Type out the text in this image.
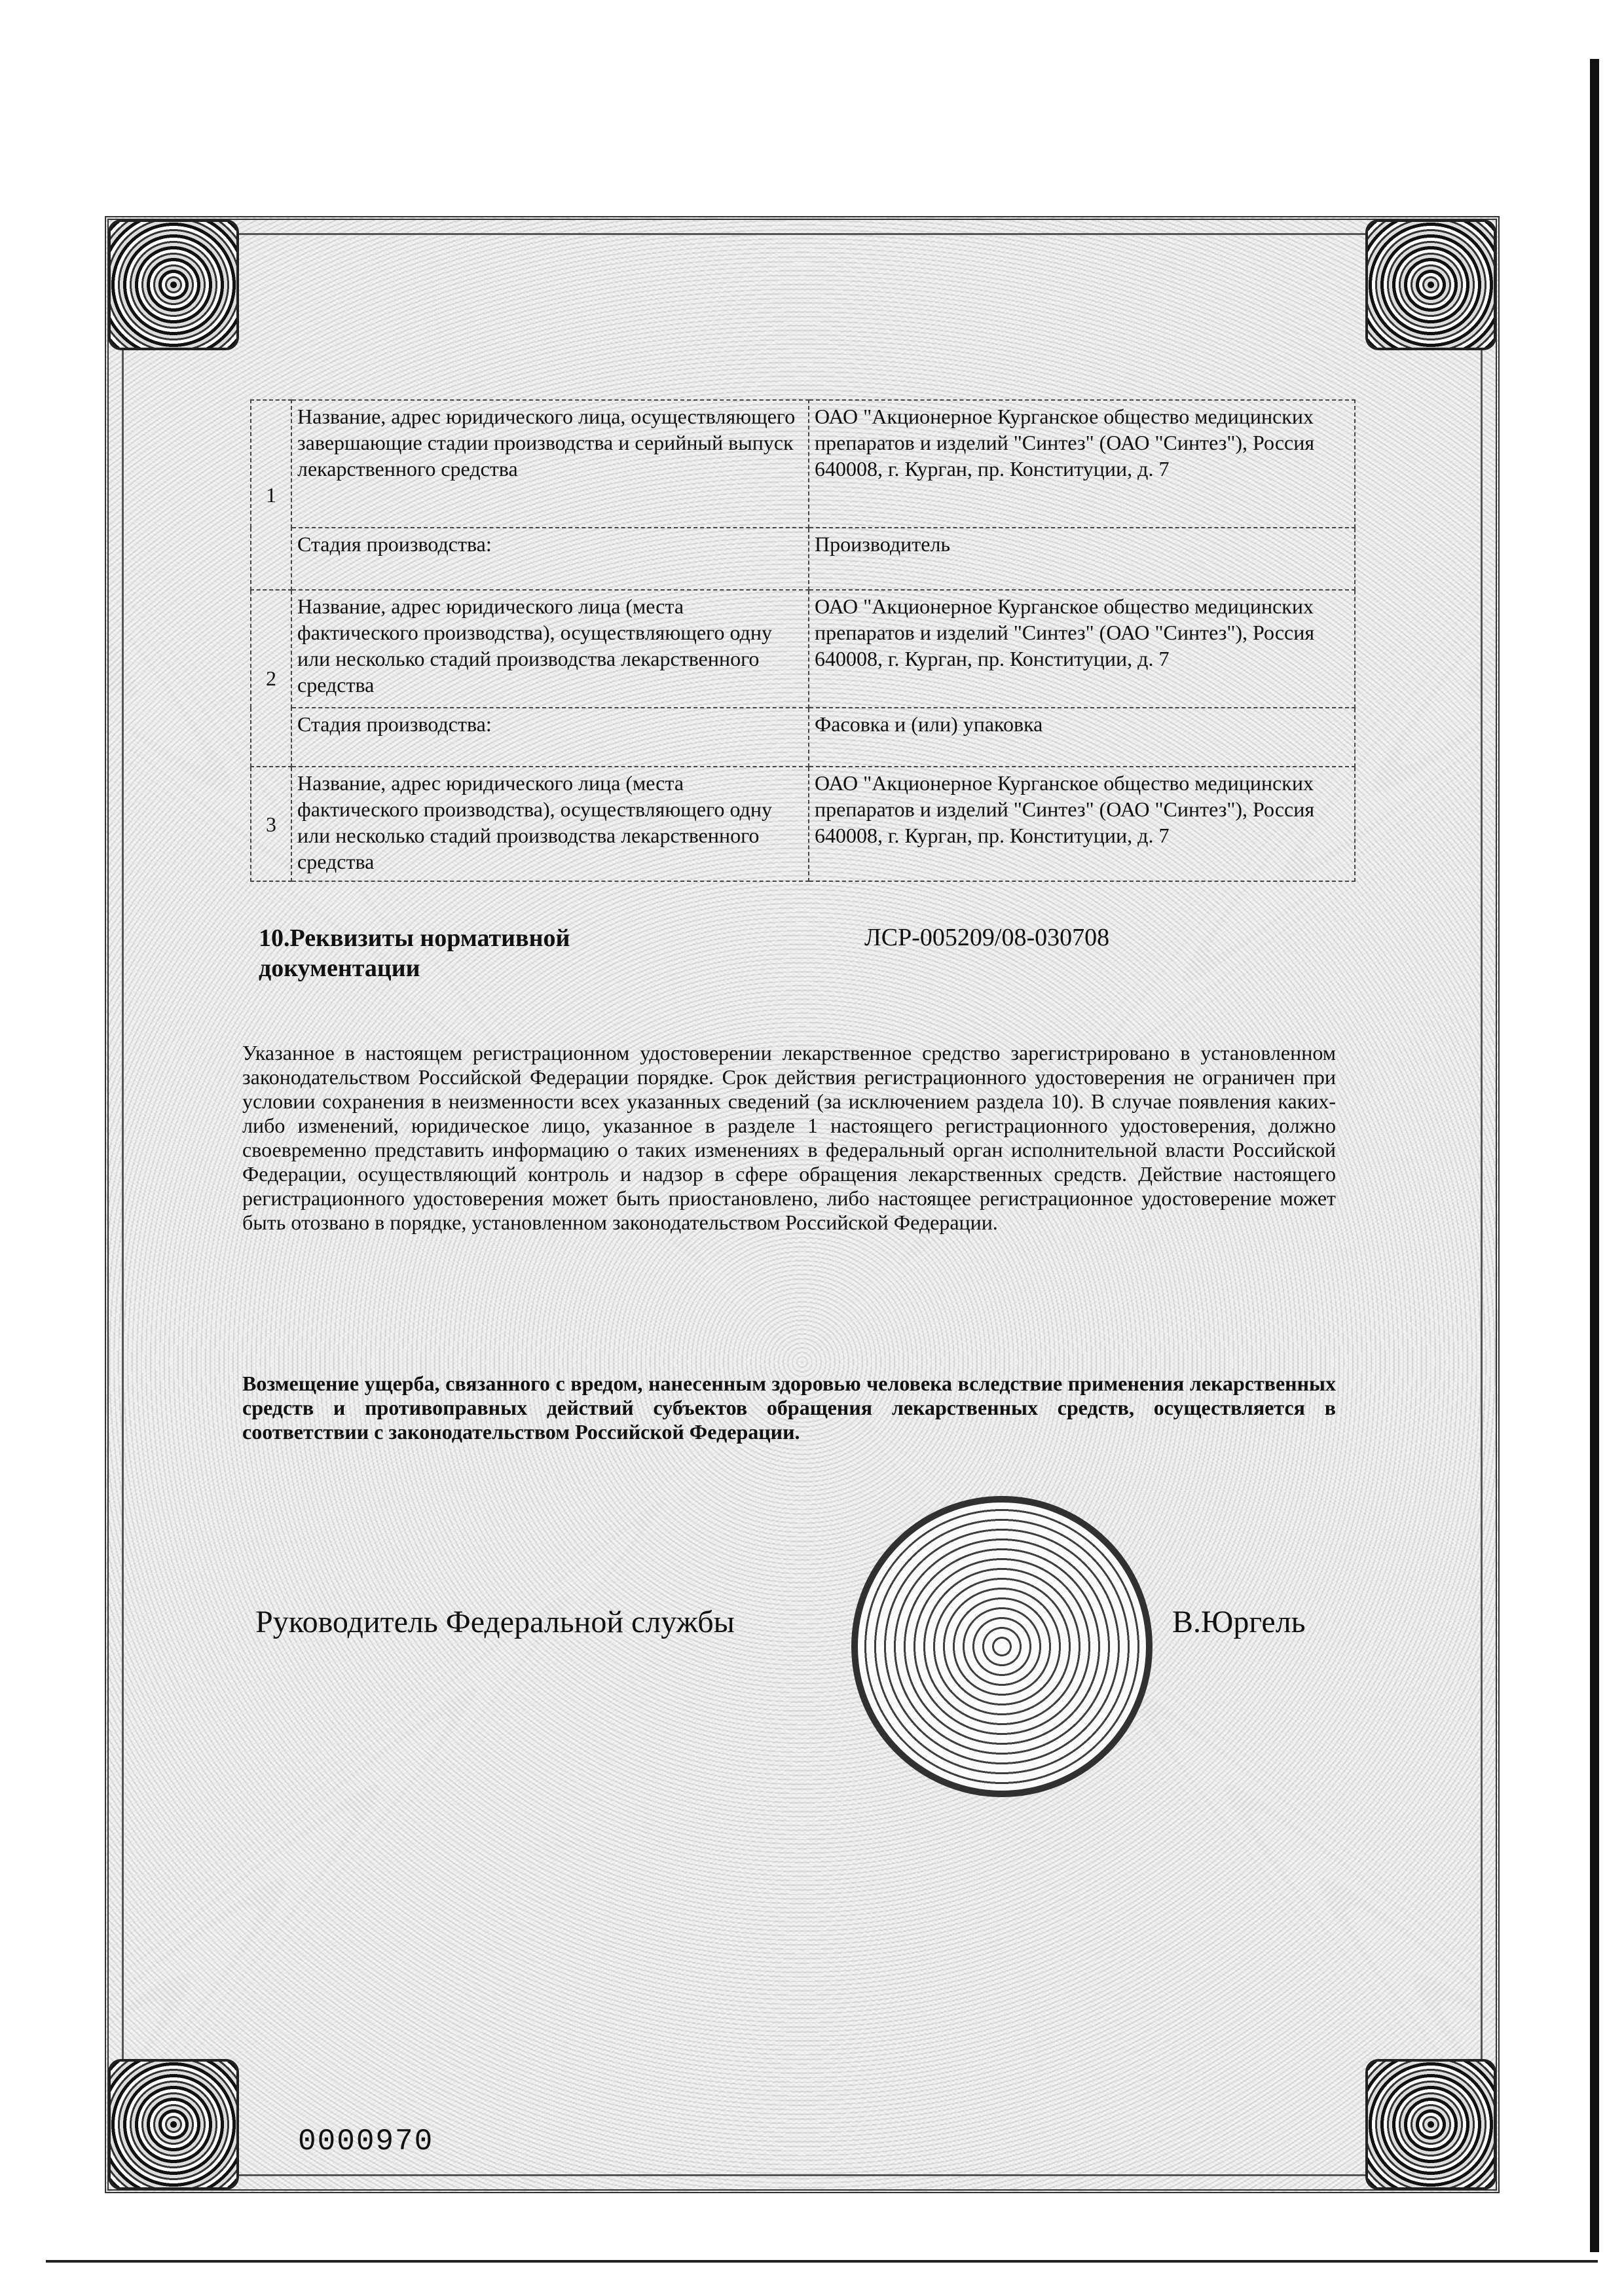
1	Название, адрес юридического лица, осуществляющего завершающие стадии производства и серийный выпуск лекарственного средства	ОАО "Акционерное Курганское общество медицинских препаратов и изделий "Синтез" (ОАО "Синтез"), Россия 640008, г. Курган, пр. Конституции, д. 7
	Стадия производства:	Производитель
2	Название, адрес юридического лица (места фактического производства), осуществляющего одну или несколько стадий производства лекарственного средства	ОАО "Акционерное Курганское общество медицинских препаратов и изделий "Синтез" (ОАО "Синтез"), Россия 640008, г. Курган, пр. Конституции, д. 7
	Стадия производства:	Фасовка и (или) упаковка
3	Название, адрес юридического лица (места фактического производства), осуществляющего одну или несколько стадий производства лекарственного средства	ОАО "Акционерное Курганское общество медицинских препаратов и изделий "Синтез" (ОАО "Синтез"), Россия 640008, г. Курган, пр. Конституции, д. 7
10.Реквизиты нормативной документации
ЛСР-005209/08-030708
Указанное в настоящем регистрационном удостоверении лекарственное средство зарегистрировано в установленном законодательством Российской Федерации порядке. Срок действия регистрационного удостоверения не ограничен при условии сохранения в неизменности всех указанных сведений (за исключением раздела 10). В случае появления каких-либо изменений, юридическое лицо, указанное в разделе 1 настоящего регистрационного удостоверения, должно своевременно представить информацию о таких изменениях в федеральный орган исполнительной власти Российской Федерации, осуществляющий контроль и надзор в сфере обращения лекарственных средств. Действие настоящего регистрационного удостоверения может быть приостановлено, либо настоящее регистрационное удостоверение может быть отозвано в порядке, установленном законодательством Российской Федерации.
Возмещение ущерба, связанного с вредом, нанесенным здоровью человека вследствие применения лекарственных средств и противоправных действий субъектов обращения лекарственных средств, осуществляется в соответствии с законодательством Российской Федерации.
Руководитель Федеральной службы	В.Юргель
0000970
